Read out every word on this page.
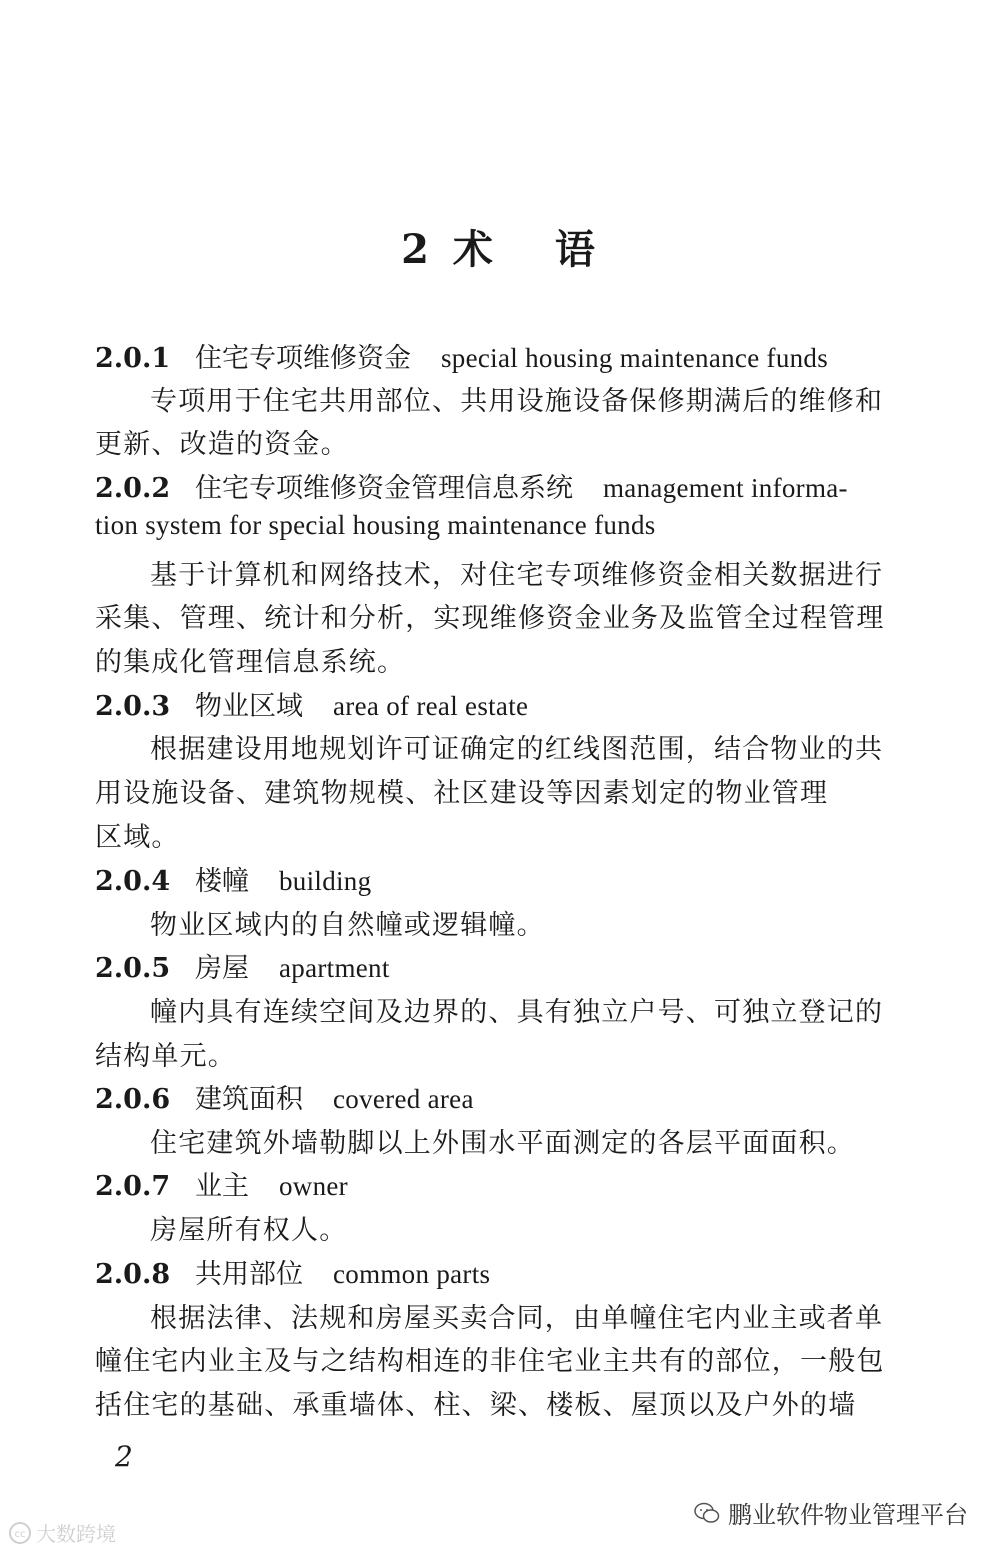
2 术 语
2.0.1 住宅专项维修资金 special housing maintenance funds
专项用于住宅共用部位、共用设施设备保修期满后的维修和
更新、改造的资金。
2.0.2 住宅专项维修资金管理信息系统 management informa-
tion system for special housing maintenance funds
基于计算机和网络技术，对住宅专项维修资金相关数据进行
采集、管理、统计和分析，实现维修资金业务及监管全过程管理
的集成化管理信息系统。
2.0.3 物业区域 area of real estate
根据建设用地规划许可证确定的红线图范围，结合物业的共
用设施设备、建筑物规模、社区建设等因素划定的物业管理
区域。
2.0.4 楼幢 building
物业区域内的自然幢或逻辑幢。
2.0.5 房屋 apartment
幢内具有连续空间及边界的、具有独立户号、可独立登记的
结构单元。
2.0.6 建筑面积 covered area
住宅建筑外墙勒脚以上外围水平面测定的各层平面面积。
2.0.7 业主 owner
房屋所有权人。
2.0.8 共用部位 common parts
根据法律、法规和房屋买卖合同，由单幢住宅内业主或者单
幢住宅内业主及与之结构相连的非住宅业主共有的部位，一般包
括住宅的基础、承重墙体、柱、梁、楼板、屋顶以及户外的墙
2
鹏业软件物业管理平台
cc 大数跨境
